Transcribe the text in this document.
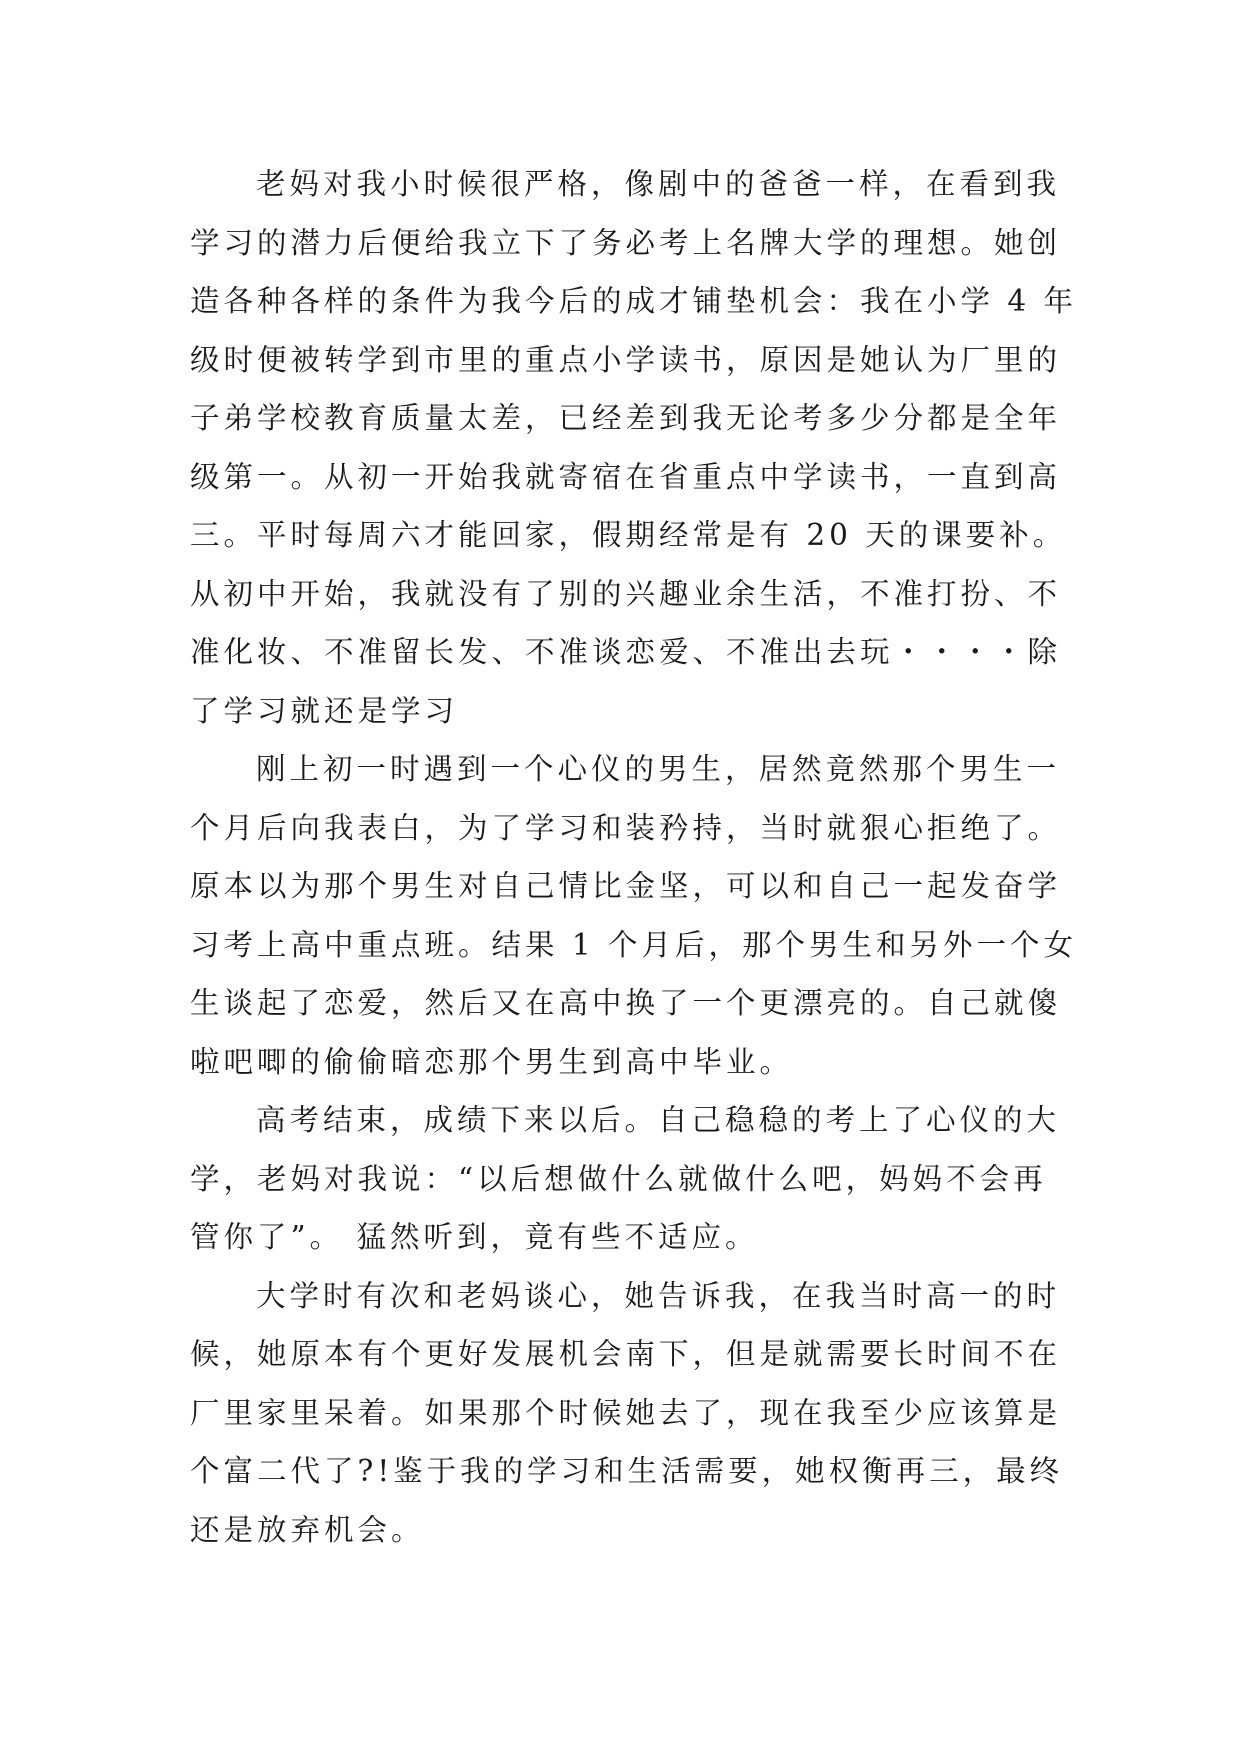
老妈对我小时候很严格，像剧中的爸爸一样，在看到我
学习的潜力后便给我立下了务必考上名牌大学的理想。她创
造各种各样的条件为我今后的成才铺垫机会：我在小学 4 年
级时便被转学到市里的重点小学读书，原因是她认为厂里的
子弟学校教育质量太差，已经差到我无论考多少分都是全年
级第一。从初一开始我就寄宿在省重点中学读书，一直到高
三。平时每周六才能回家，假期经常是有 20 天的课要补。
从初中开始，我就没有了别的兴趣业余生活，不准打扮、不
准化妆、不准留长发、不准谈恋爱、不准出去玩・・・・除
了学习就还是学习

刚上初一时遇到一个心仪的男生，居然竟然那个男生一
个月后向我表白，为了学习和装矜持，当时就狠心拒绝了。
原本以为那个男生对自己情比金坚，可以和自己一起发奋学
习考上高中重点班。结果 1 个月后，那个男生和另外一个女
生谈起了恋爱，然后又在高中换了一个更漂亮的。自己就傻
啦吧唧的偷偷暗恋那个男生到高中毕业。

高考结束，成绩下来以后。自己稳稳的考上了心仪的大
学，老妈对我说：“以后想做什么就做什么吧，妈妈不会再
管你了”。 猛然听到，竟有些不适应。

大学时有次和老妈谈心，她告诉我，在我当时高一的时
候，她原本有个更好发展机会南下，但是就需要长时间不在
厂里家里呆着。如果那个时候她去了，现在我至少应该算是
个富二代了?!鉴于我的学习和生活需要，她权衡再三，最终
还是放弃机会。
